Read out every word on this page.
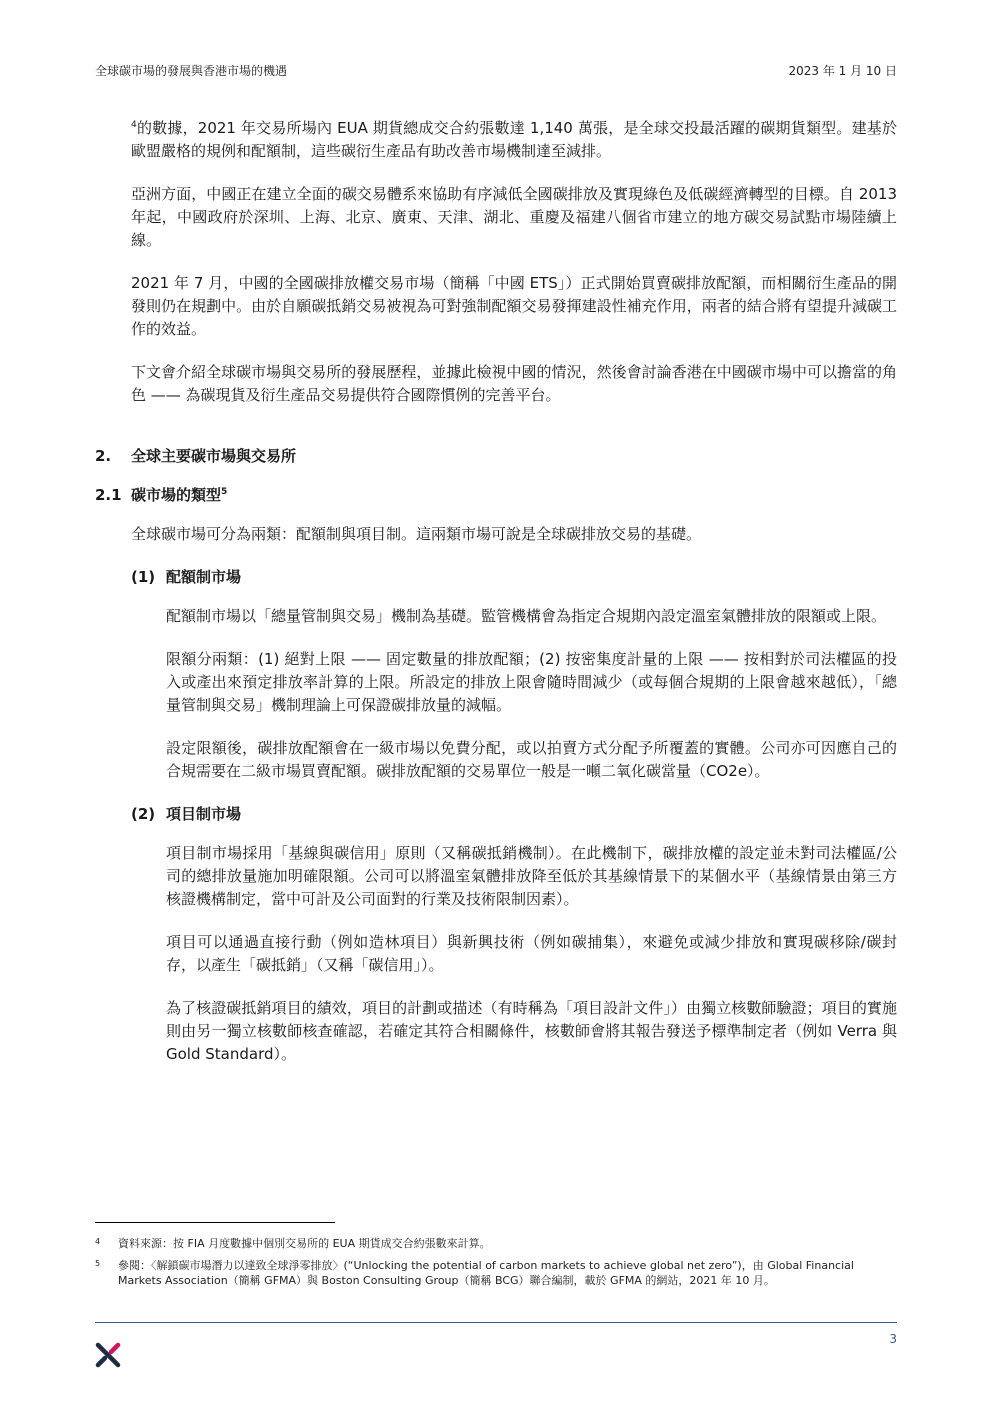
全球碳市場的發展與香港市場的機遇	2023 年 1 月 10 日

$^4$的數據，2021 年交易所場內 EUA 期貨總成交合約張數達 1,140 萬張，是全球交投最活躍的碳期貨類型。建基於歐盟嚴格的規例和配額制，這些碳衍生產品有助改善市場機制達至減排。

亞洲方面，中國正在建立全面的碳交易體系來協助有序減低全國碳排放及實現綠色及低碳經濟轉型的目標。自 2013 年起，中國政府於深圳、上海、北京、廣東、天津、湖北、重慶及福建八個省市建立的地方碳交易試點市場陸續上線。

2021 年 7 月，中國的全國碳排放權交易市場（簡稱「中國 ETS」）正式開始買賣碳排放配額，而相關衍生產品的開發則仍在規劃中。由於自願碳抵銷交易被視為可對強制配額交易發揮建設性補充作用，兩者的結合將有望提升減碳工作的效益。

下文會介紹全球碳市場與交易所的發展歷程，並據此檢視中國的情況，然後會討論香港在中國碳市場中可以擔當的角色 —— 為碳現貨及衍生產品交易提供符合國際慣例的完善平台。

2. 全球主要碳市場與交易所
2.1 碳市場的類型$^5$

全球碳市場可分為兩類：配額制與項目制。這兩類市場可說是全球碳排放交易的基礎。

(1) 配額制市場

配額制市場以「總量管制與交易」機制為基礎。監管機構會為指定合規期內設定溫室氣體排放的限額或上限。

限額分兩類：(1) 絕對上限 —— 固定數量的排放配額；(2) 按密集度計量的上限 —— 按相對於司法權區的投入或產出來預定排放率計算的上限。所設定的排放上限會隨時間減少（或每個合規期的上限會越來越低），「總量管制與交易」機制理論上可保證碳排放量的減幅。

設定限額後，碳排放配額會在一級市場以免費分配，或以拍賣方式分配予所覆蓋的實體。公司亦可因應自己的合規需要在二級市場買賣配額。碳排放配額的交易單位一般是一噸二氧化碳當量（CO2e）。

(2) 項目制市場

項目制市場採用「基線與碳信用」原則（又稱碳抵銷機制）。在此機制下，碳排放權的設定並未對司法權區/公司的總排放量施加明確限額。公司可以將溫室氣體排放降至低於其基線情景下的某個水平（基線情景由第三方核證機構制定，當中可計及公司面對的行業及技術限制因素）。

項目可以通過直接行動（例如造林項目）與新興技術（例如碳捕集），來避免或減少排放和實現碳移除/碳封存，以產生「碳抵銷」（又稱「碳信用」）。

為了核證碳抵銷項目的績效，項目的計劃或描述（有時稱為「項目設計文件」）由獨立核數師驗證；項目的實施則由另一獨立核數師核查確認，若確定其符合相關條件，核數師會將其報告發送予標準制定者（例如 Verra 與 Gold Standard）。

4 資料來源：按 FIA 月度數據中個別交易所的 EUA 期貨成交合約張數來計算。
5 參閱：〈解鎖碳市場潛力以達致全球淨零排放〉(“Unlocking the potential of carbon markets to achieve global net zero”)，由 Global Financial Markets Association（簡稱 GFMA）與 Boston Consulting Group（簡稱 BCG）聯合編制，載於 GFMA 的網站，2021 年 10 月。
3
